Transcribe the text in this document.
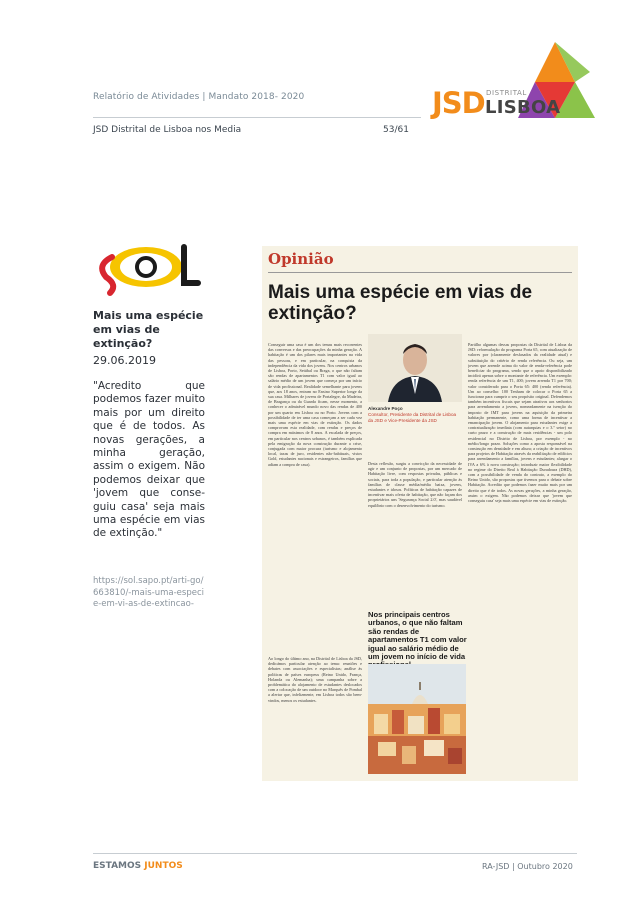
Relatório de Atividades | Mandato 2018- 2020
JSD Distrital de Lisboa nos Media	53/61
JSD DISTRITAL
LISBOA
Mais uma espécie em vias de extinção?
29.06.2019
"Acredito que podemos fazer muito mais por um direito que é de todos. As novas gerações, a minha geração, assim o exigem. Não podemos deixar que 'jovem que conse-guiu casa' seja mais uma espécie em vias de extinção."
https://sol.sapo.pt/arti-go/663810/-mais-uma-especie-em-vi-as-de-extincao-
Opinião
Mais uma espécie em vias de extinção?
Conseguir uma casa é um dos temas mais recorrentes das conversas e das preocupações da minha geração. A habitação é um dos pilares mais importantes na vida das pessoas, e em particular, na conquista da independência da vida dos jovens. Nos centros urbanos de Lisboa, Porto, Setúbal ou Braga, o que não faltam são rendas de apartamentos T1 com valor igual ao salário médio de um jovem que começa por um início de vida profissional. Realidade semelhante para jovens que, aos 18 anos, entram no Ensino Superior longe da sua casa. Milhares de jovens de Portalegre, da Madeira, de Bragança ou da Guarda ficam, nesse momento, a conhecer o admirável mundo novo das rendas de 400 por um quarto em Lisboa ou no Porto. Jovens com a possibilidade de ter uma casa começam a ser cada vez mais uma espécie em vias de extinção. Os dados comprovam esta realidade, com rendas e preços de compra em máximos de 8 anos. A escalada de preços, em particular nos centros urbanos, é também explicada pela emigração da nova construção durante a crise, conjugada com maior procura (turismo e alojamento local, taxas de juro, residentes não-habituais, vistos Gold, estudantes nacionais e estrangeiros, famílias que adiam a compra de casa).
Ao longo do último ano, na Distrital de Lisboa da JSD, dedicámos particular atenção ao tema: reuniões e debates com associações e especialistas; análise às políticas de países europeus (Reino Unido, França, Holanda ou Alemanha); uma campanha sobre a problemática do alojamento de estudantes deslocados com a colocação de um outdoor no Marquês de Pombal a alertar que, infelizmente, em Lisboa todos são bem-vindos, menos os estudantes.
Alexandre Poço
Consultor, Presidente da Distrital de Lisboa da JSD e Vice-Presidente da JSD
Desta reflexão, surgiu a convicção da necessidade de agir e um conjunto de propostas, por um mercado de Habitação livre, com respostas privadas, públicas e sociais, para toda a população, e particular atenção às famílias de classe média/média baixa, jovens, estudantes e idosos. Políticas de habitação capazes de incentivar mais oferta de habitação, que não façam dos proprietários uns 'Segurança Social 2.0', mas saudável equilíbrio com o desenvolvimento do turismo.
Nos principais centros urbanos, o que não faltam são rendas de apartamentos T1 com valor igual ao salário médio de um jovem no início de vida
Partilho algumas dessas propostas da Distrital de Lisboa da JSD: reformulação do programa Porta 65, com atualização de valores por (claramente desfasados da realidade atual) e substituição do critério de renda referência. Ou seja, um jovem que arrende acima do valor de renda-referência pode beneficiar do programa, sendo que o apoio disponibilizado incidirá apenas sobre o montante de referência. Um exemplo: renda referência de um T1, 400; jovem arrenda T1 por 700; valor considerado para o Porta 65: 400 (renda referência). Um ao conselho: 100 Tenham de colocar o Porta 65 a funcionar para cumprir o seu propósito original. Defendemos também incentivos fiscais que sejam atrativos aos senhorios para arrendamento a jovens, nomeadamente na isenção do imposto de IMT para jovens na aquisição da primeira habitação permanente, como uma forma de incentivar a emancipação jovem. O alojamento para estudantes exige a contratualização imediata (com autarquias e o 3.º setor) no curto prazo e a construção de mais residências - um polo residencial no Distrito de Lisboa, por exemplo - no médio/longo prazo. Soluções como a aposta responsável na construção em densidade e em altura; a criação de incentivos para projetos de Habitação através da reabilitação de edifícios para arrendamento a famílias, jovens e estudantes; alargar o IVA a 6% à nova construção; introduzir maior flexibilidade no regime do Direito Real à Habitação Duradoura (DHD), com a possibilidade de venda do contrato, a exemplo do Reino Unido, são propostas que tivemos para o debate sobre Habitação. Acredito que podemos fazer muito mais por um direito que é de todos. As novas gerações, a minha geração, assim o exigem. Não podemos deixar que 'jovem que conseguiu casa' seja mais uma espécie em vias de extinção.
ESTAMOS JUNTOS	RA-JSD | Outubro 2020
